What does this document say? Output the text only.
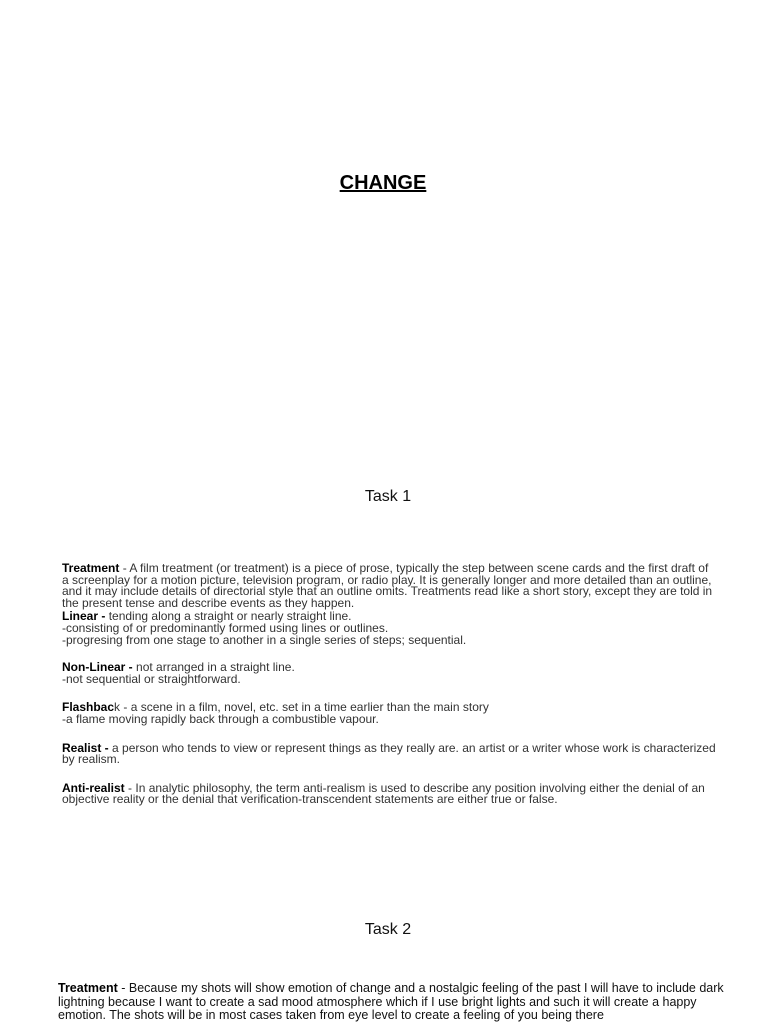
CHANGE
Task 1

Treatment - A film treatment (or treatment) is a piece of prose, typically the step between scene cards and the first draft of a screenplay for a motion picture, television program, or radio play. It is generally longer and more detailed than an outline, and it may include details of directorial style that an outline omits. Treatments read like a short story, except they are told in the present tense and describe events as they happen.

Linear - tending along a straight or nearly straight line.
-consisting of or predominantly formed using lines or outlines.
-progresing from one stage to another in a single series of steps; sequential.

Non-Linear - not arranged in a straight line.
-not sequential or straightforward.

Flashback - a scene in a film, novel, etc. set in a time earlier than the main story
-a flame moving rapidly back through a combustible vapour.

Realist - a person who tends to view or represent things as they really are. an artist or a writer whose work is characterized by realism.

Anti-realist - In analytic philosophy, the term anti-realism is used to describe any position involving either the denial of an objective reality or the denial that verification-transcendent statements are either true or false.

Task 2

Treatment - Because my shots will show emotion of change and a nostalgic feeling of the past I will have to include dark lightning because I want to create a sad mood atmosphere which if I use bright lights and such it will create a happy emotion. The shots will be in most cases taken from eye level to create a feeling of you being there
